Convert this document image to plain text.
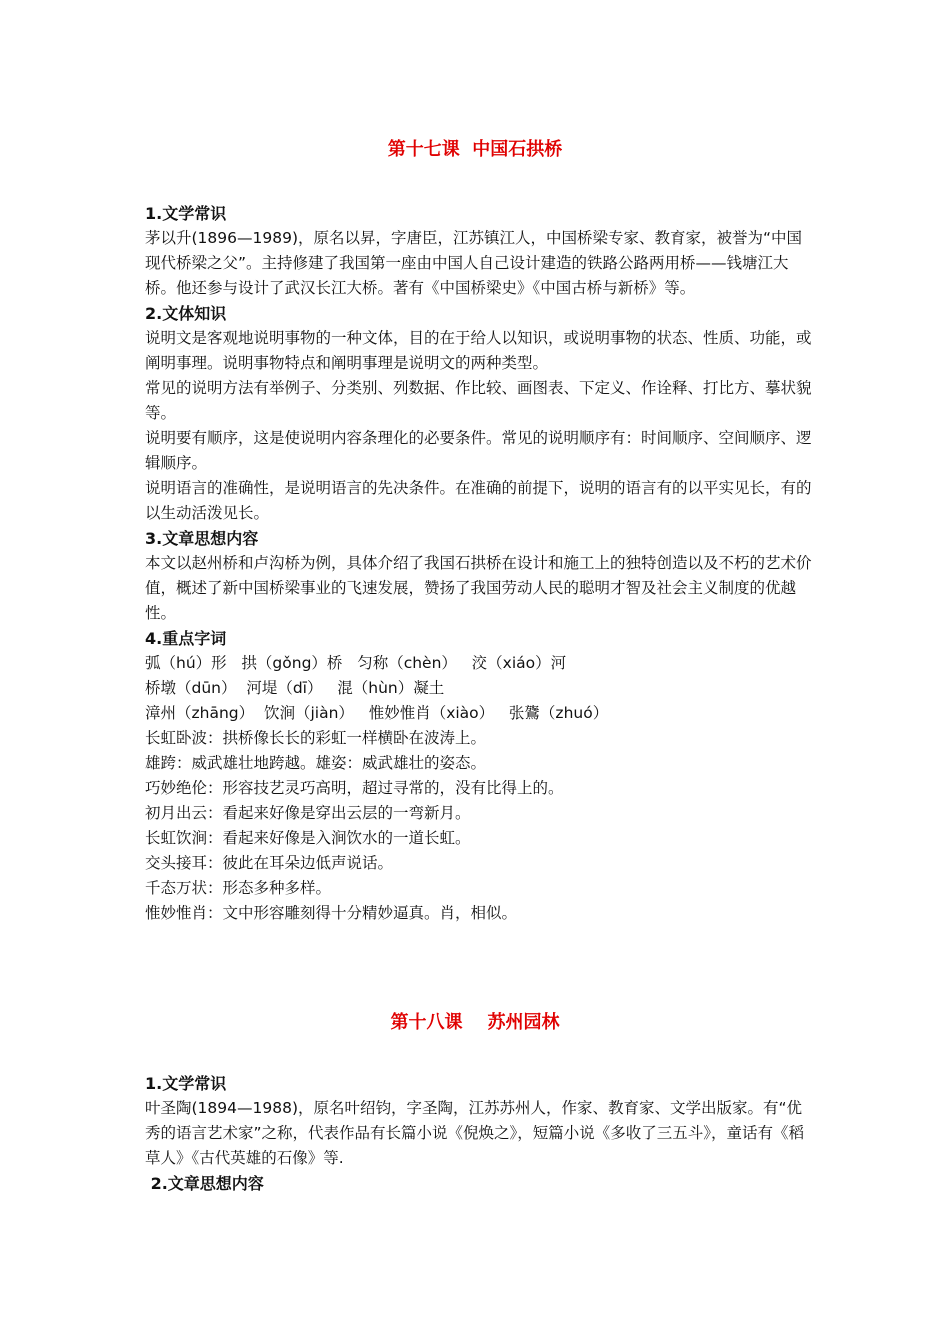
第十七课  中国石拱桥

1.文学常识

茅以升(1896—1989)，原名以昇，字唐臣，江苏镇江人，中国桥梁专家、教育家，被誉为“中国现代桥梁之父”。主持修建了我国第一座由中国人自己设计建造的铁路公路两用桥——钱塘江大桥。他还参与设计了武汉长江大桥。著有《中国桥梁史》《中国古桥与新桥》等。

2.文体知识

说明文是客观地说明事物的一种文体，目的在于给人以知识，或说明事物的状态、性质、功能，或阐明事理。说明事物特点和阐明事理是说明文的两种类型。

常见的说明方法有举例子、分类别、列数据、作比较、画图表、下定义、作诠释、打比方、摹状貌等。

说明要有顺序，这是使说明内容条理化的必要条件。常见的说明顺序有：时间顺序、空间顺序、逻辑顺序。

说明语言的准确性，是说明语言的先决条件。在准确的前提下，说明的语言有的以平实见长，有的以生动活泼见长。

3.文章思想内容

本文以赵州桥和卢沟桥为例，具体介绍了我国石拱桥在设计和施工上的独特创造以及不朽的艺术价值，概述了新中国桥梁事业的飞速发展，赞扬了我国劳动人民的聪明才智及社会主义制度的优越性。

4.重点字词

弧（hú）形   拱（gǒng）桥   匀称（chèn）   洨（xiáo）河

桥墩（dūn）  河堤（dī）   混（hùn）凝土

漳州（zhāng）  饮涧（jiàn）   惟妙惟肖（xiào）   张鷟（zhuó）

长虹卧波：拱桥像长长的彩虹一样横卧在波涛上。

雄跨：威武雄壮地跨越。雄姿：威武雄壮的姿态。

巧妙绝伦：形容技艺灵巧高明，超过寻常的，没有比得上的。

初月出云：看起来好像是穿出云层的一弯新月。

长虹饮涧：看起来好像是入涧饮水的一道长虹。

交头接耳：彼此在耳朵边低声说话。

千态万状：形态多种多样。

惟妙惟肖：文中形容雕刻得十分精妙逼真。肖，相似。

第十八课    苏州园林

1.文学常识

叶圣陶(1894—1988)，原名叶绍钧，字圣陶，江苏苏州人，作家、教育家、文学出版家。有“优秀的语言艺术家”之称，代表作品有长篇小说《倪焕之》，短篇小说《多收了三五斗》，童话有《稻草人》《古代英雄的石像》等.

2.文章思想内容
